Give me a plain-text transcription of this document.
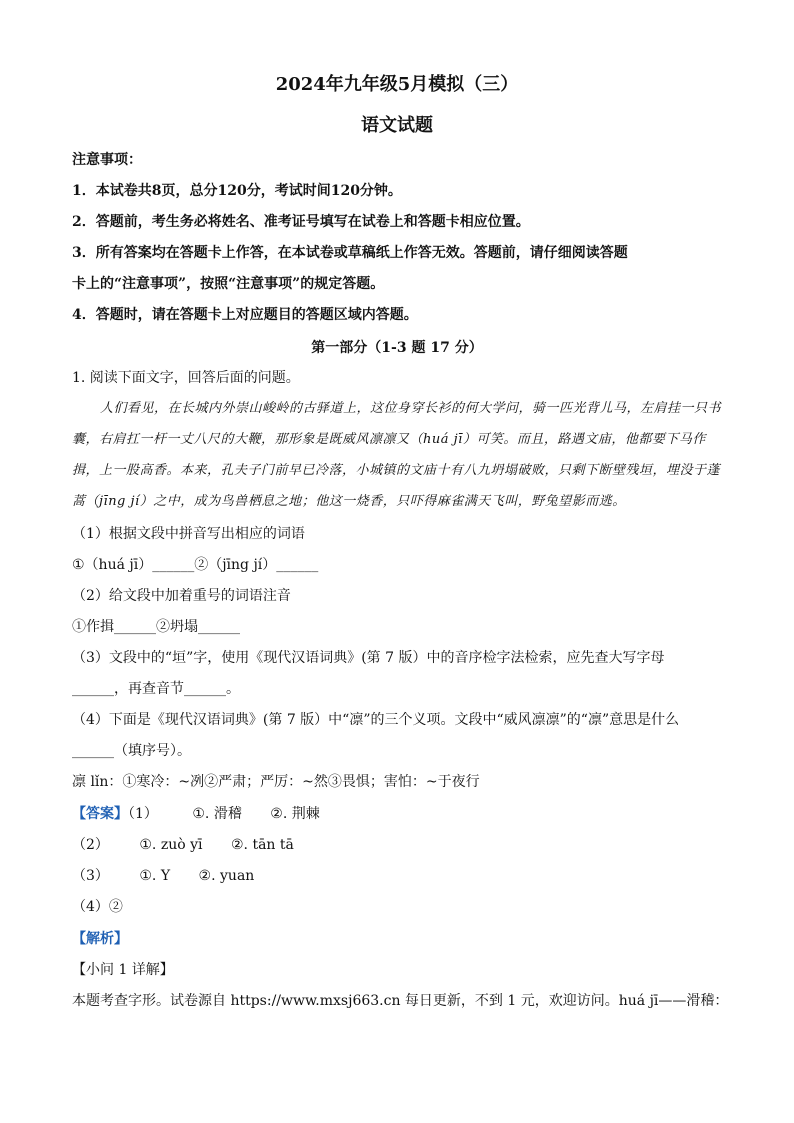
2024年九年级5月模拟（三）
语文试题
注意事项：
1．本试卷共8页，总分120分，考试时间120分钟。
2．答题前，考生务必将姓名、准考证号填写在试卷上和答题卡相应位置。
3．所有答案均在答题卡上作答，在本试卷或草稿纸上作答无效。答题前，请仔细阅读答题
卡上的“注意事项”，按照“注意事项”的规定答题。
4．答题时，请在答题卡上对应题目的答题区域内答题。
第一部分（1-3 题 17 分）
1. 阅读下面文字，回答后面的问题。

人们看见，在长城内外崇山峻岭的古驿道上，这位身穿长衫的何大学问，骑一匹光背儿马，左肩挂一只书囊，右肩扛一杆一丈八尺的大鞭，那形象是既威风凛凛又（huá jī）可笑。而且，路遇文庙，他都要下马作揖，上一股高香。本来，孔夫子门前早已冷落，小城镇的文庙十有八九坍塌破败，只剩下断壁残垣，埋没于蓬蒿（jīng jí）之中，成为鸟兽栖息之地；他这一烧香，只吓得麻雀满天飞叫，野兔望影而逃。

（1）根据文段中拼音写出相应的词语
①（huá jī）______②（jīng jí）______
（2）给文段中加着重号的词语注音
①作揖______②坍塌______
（3）文段中的“垣”字，使用《现代汉语词典》(第 7 版）中的音序检字法检索，应先查大写字母
______，再查音节______。
（4）下面是《现代汉语词典》(第 7 版）中“凛”的三个义项。文段中“威风凛凛”的“凛”意思是什么
______（填序号）。
凛 lǐn：①寒冷：~冽②严肃；严厉：~然③畏惧；害怕：~于夜行
【答案】（1） ①. 滑稽 ②. 荆棘
（2） ①. zuò yī ②. tān tā
（3） ①. Y ②. yuan
（4）②
【解析】
【小问 1 详解】
本题考查字形。试卷源自 https://www.mxsj663.cn 每日更新，不到 1 元，欢迎访问。huá jī——滑稽：
